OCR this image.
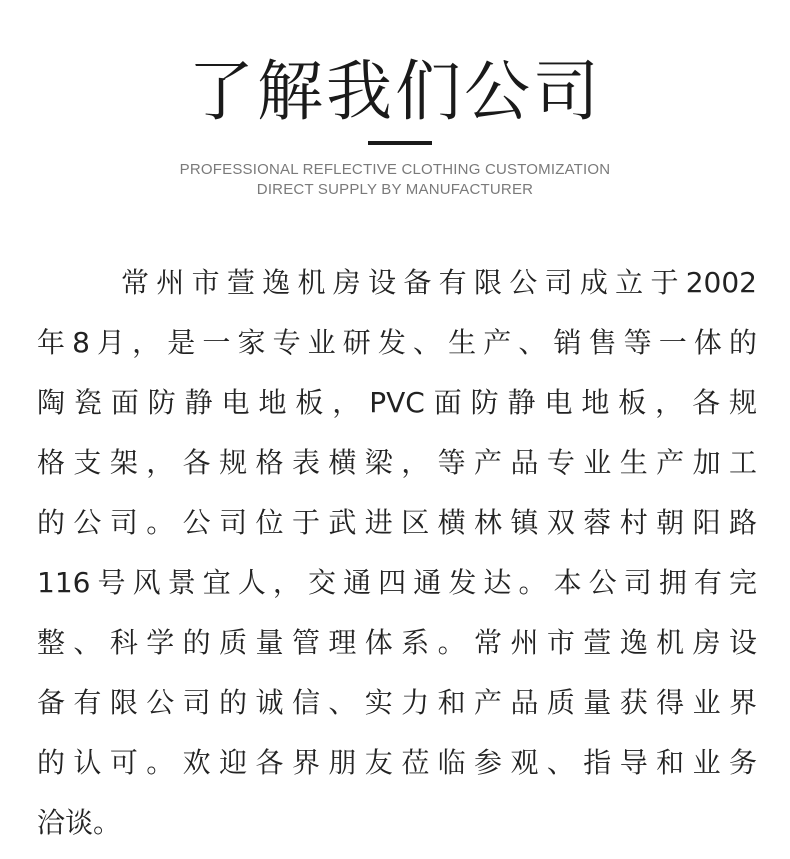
了解我们公司
PROFESSIONAL REFLECTIVE CLOTHING CUSTOMIZATION
DIRECT SUPPLY BY MANUFACTURER
常州市萱逸机房设备有限公司成立于2002
年8月，是一家专业研发、生产、销售等一体的
陶瓷面防静电地板，PVC面防静电地板，各规
格支架，各规格表横梁，等产品专业生产加工
的公司。公司位于武进区横林镇双蓉村朝阳路
116号风景宜人，交通四通发达。本公司拥有完
整、科学的质量管理体系。常州市萱逸机房设
备有限公司的诚信、实力和产品质量获得业界
的认可。欢迎各界朋友莅临参观、指导和业务
洽谈。
